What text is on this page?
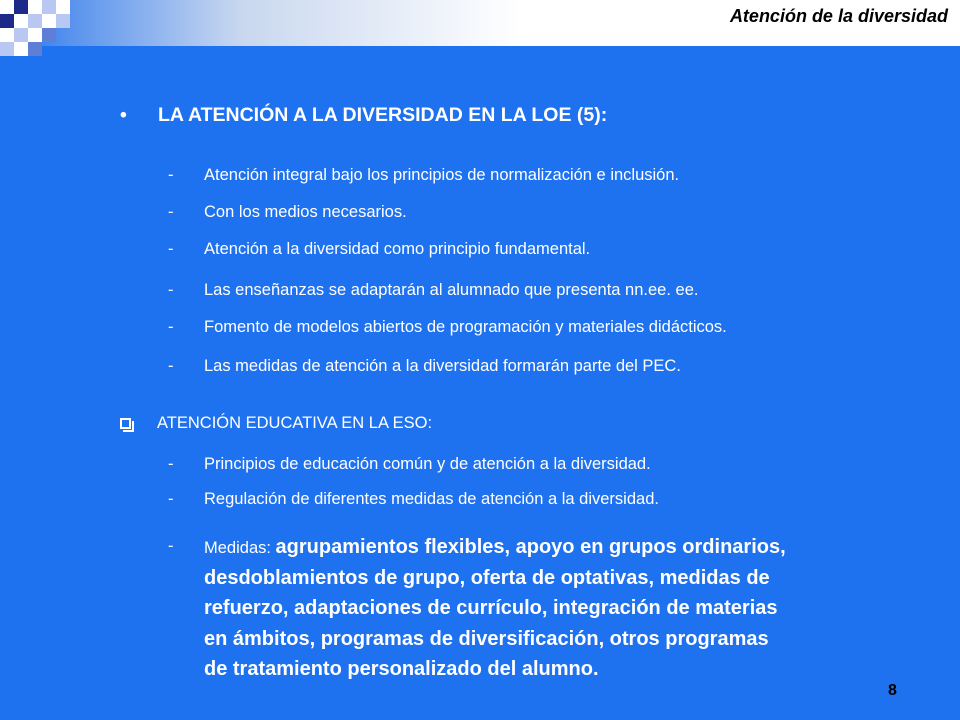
Atención de la diversidad
• LA ATENCIÓN A LA DIVERSIDAD EN LA LOE (5):
- Atención integral bajo los principios de normalización e inclusión.
- Con los medios necesarios.
- Atención a la diversidad como principio fundamental.
- Las enseñanzas se adaptarán al alumnado que presenta nn.ee. ee.
- Fomento de modelos abiertos de programación y materiales didácticos.
- Las medidas de atención a la diversidad formarán parte del PEC.
ATENCIÓN EDUCATIVA EN LA ESO:
- Principios de educación común y de atención a la diversidad.
- Regulación de diferentes medidas de atención a la diversidad.
- Medidas: agrupamientos flexibles, apoyo en grupos ordinarios,
desdoblamientos de grupo, oferta de optativas, medidas de
refuerzo, adaptaciones de currículo, integración de materias
en ámbitos, programas de diversificación, otros programas
de tratamiento personalizado del alumno.
8
